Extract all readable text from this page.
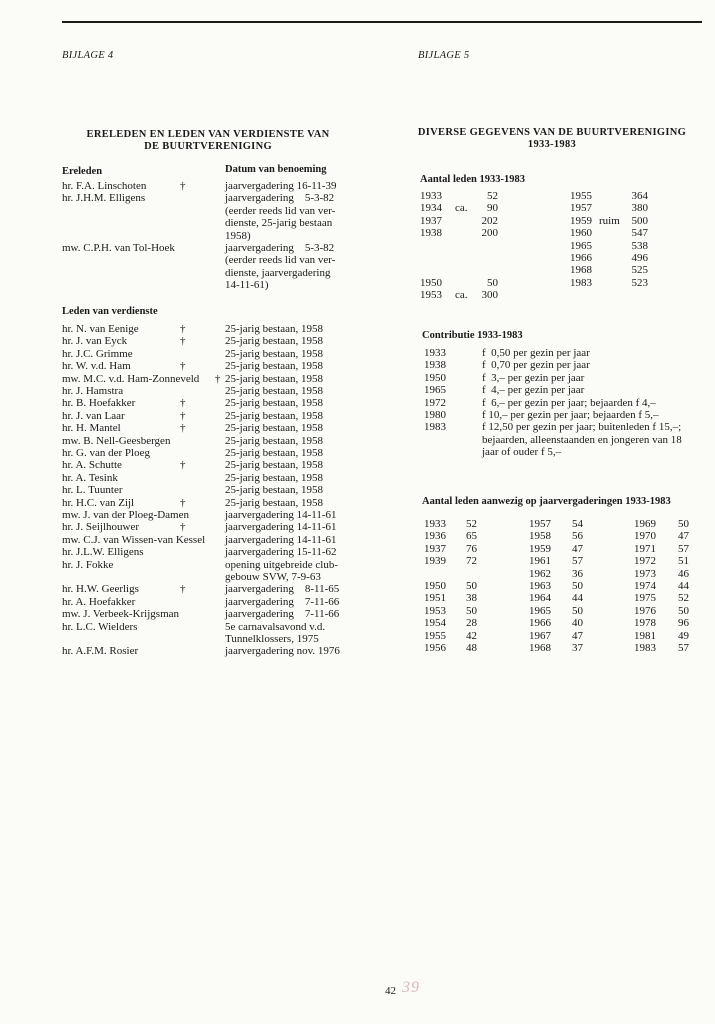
BIJLAGE 4
ERELEDEN EN LEDEN VAN VERDIENSTE VAN
DE BUURTVERENIGING
Ereleden	Datum van benoeming
hr. F.A. Linschoten	†	jaarvergadering 16-11-39
hr. J.H.M. Elligens	jaarvergadering    5-3-82
(eerder reeds lid van ver-
dienste, 25-jarig bestaan
1958)
mw. C.P.H. van Tol-Hoek	jaarvergadering    5-3-82
(eerder reeds lid van ver-
dienste, jaarvergadering
14-11-61)
Leden van verdienste
hr. N. van Eenige	†	25-jarig bestaan, 1958
hr. J. van Eyck	†	25-jarig bestaan, 1958
hr. J.C. Grimme	25-jarig bestaan, 1958
hr. W. v.d. Ham	†	25-jarig bestaan, 1958
mw. M.C. v.d. Ham-Zonneveld † 25-jarig bestaan, 1958
hr. J. Hamstra	25-jarig bestaan, 1958
hr. B. Hoefakker	†	25-jarig bestaan, 1958
hr. J. van Laar	†	25-jarig bestaan, 1958
hr. H. Mantel	†	25-jarig bestaan, 1958
mw. B. Nell-Geesbergen	25-jarig bestaan, 1958
hr. G. van der Ploeg	25-jarig bestaan, 1958
hr. A. Schutte	†	25-jarig bestaan, 1958
hr. A. Tesink	25-jarig bestaan, 1958
hr. L. Tuunter	25-jarig bestaan, 1958
hr. H.C. van Zijl	†	25-jarig bestaan, 1958
mw. J. van der Ploeg-Damen	jaarvergadering 14-11-61
hr. J. Seijlhouwer	†	jaarvergadering 14-11-61
mw. C.J. van Wissen-van Kessel jaarvergadering 14-11-61
hr. J.L.W. Elligens	jaarvergadering 15-11-62
hr. J. Fokke	opening uitgebreide club-
gebouw SVW, 7-9-63
hr. H.W. Geerligs	†	jaarvergadering    8-11-65
hr. A. Hoefakker	jaarvergadering    7-11-66
mw. J. Verbeek-Krijgsman	jaarvergadering    7-11-66
hr. L.C. Wielders	5e carnavalsavond v.d.
Tunnelklossers, 1975
hr. A.F.M. Rosier	jaarvergadering nov. 1976
BIJLAGE 5
DIVERSE GEGEVENS VAN DE BUURTVERENIGING
1933-1983
Aantal leden 1933-1983
1933	52
1934 ca.	90
1937	202
1938	200
1950	50
1953 ca.	300
1955	364
1957	380
1959 ruim	500
1960	547
1965	538
1966	496
1968	525
1983	523
Contributie 1933-1983
1933	f  0,50 per gezin per jaar
1938	f  0,70 per gezin per jaar
1950	f  3,– per gezin per jaar
1965	f  4,– per gezin per jaar
1972	f  6,– per gezin per jaar; bejaarden f 4,–
1980	f 10,– per gezin per jaar; bejaarden f 5,–
1983	f 12,50 per gezin per jaar; buitenleden f 15,–;
bejaarden, alleenstaanden en jongeren van 18
jaar of ouder f 5,–
Aantal leden aanwezig op jaarvergaderingen 1933-1983
1933 52
1936 65
1937 76
1939 72
1950 50
1951 38
1953 50
1954 28
1955 42
1956 48
1957 54
1958 56
1959 47
1961 57
1962 36
1963 50
1964 44
1965 50
1966 40
1967 47
1968 37
1969 50
1970 47
1971 57
1972 51
1973 46
1974 44
1975 52
1976 50
1978 96
1981 49
1983 57
42 39
